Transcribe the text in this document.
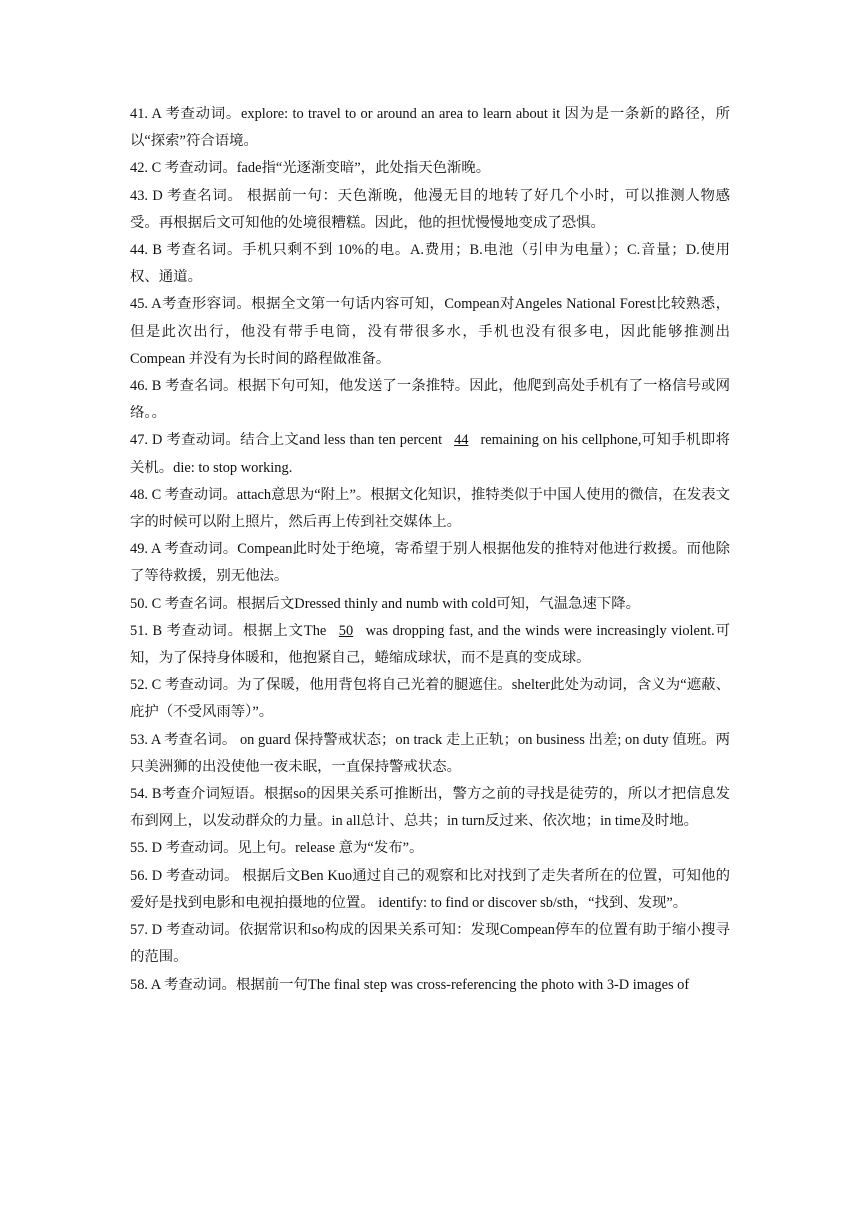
41. A 考查动词。explore: to travel to or around an area to learn about it 因为是一条新的路径，所以“探索”符合语境。

42. C 考查动词。fade指“光逐渐变暗”，此处指天色渐晚。

43. D 考查名词。 根据前一句：天色渐晚，他漫无目的地转了好几个小时，可以推测人物感受。再根据后文可知他的处境很糟糕。因此，他的担忧慢慢地变成了恐惧。

44. B 考查名词。手机只剩不到 10%的电。A.费用；B.电池（引申为电量）；C.音量；D.使用权、通道。

45. A考查形容词。根据全文第一句话内容可知，Compean对Angeles National Forest比较熟悉，但是此次出行，他没有带手电筒，没有带很多水，手机也没有很多电，因此能够推测出Compean 并没有为长时间的路程做准备。

46. B 考查名词。根据下句可知，他发送了一条推特。因此，他爬到高处手机有了一格信号或网络。。

47. D 考查动词。结合上文and less than ten percent 44 remaining on his cellphone,可知手机即将关机。die: to stop working.

48. C 考查动词。attach意思为“附上”。根据文化知识，推特类似于中国人使用的微信，在发表文字的时候可以附上照片，然后再上传到社交媒体上。

49. A 考查动词。Compean此时处于绝境，寄希望于别人根据他发的推特对他进行救援。而他除了等待救援，别无他法。

50. C 考查名词。根据后文Dressed thinly and numb with cold可知，气温急速下降。

51. B 考查动词。根据上文The 50 was dropping fast, and the winds were increasingly violent.可知，为了保持身体暖和，他抱紧自己，蜷缩成球状，而不是真的变成球。

52. C 考查动词。为了保暖，他用背包将自己光着的腿遮住。shelter此处为动词，含义为“遮蔽、庇护（不受风雨等）”。

53. A 考查名词。 on guard 保持警戒状态；on track 走上正轨；on business 出差; on duty 值班。两只美洲狮的出没使他一夜未眠，一直保持警戒状态。

54. B考查介词短语。根据so的因果关系可推断出，警方之前的寻找是徒劳的，所以才把信息发布到网上，以发动群众的力量。in all总计、总共；in turn反过来、依次地；in time及时地。

55. D 考查动词。见上句。release 意为“发布”。

56. D 考查动词。 根据后文Ben Kuo通过自己的观察和比对找到了走失者所在的位置，可知他的爱好是找到电影和电视拍摄地的位置。 identify: to find or discover sb/sth，“找到、发现”。

57. D 考查动词。依据常识和so构成的因果关系可知：发现Compean停车的位置有助于缩小搜寻的范围。

58. A 考查动词。根据前一句The final step was cross-referencing the photo with 3-D images of
